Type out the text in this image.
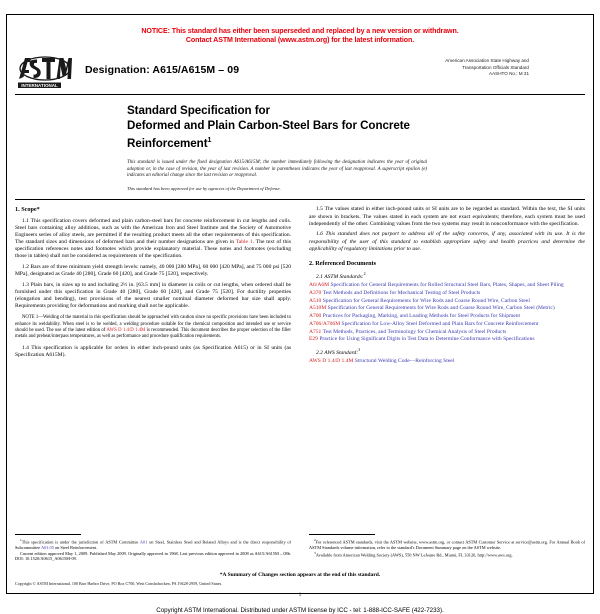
NOTICE: This standard has either been superseded and replaced by a new version or withdrawn.
Contact ASTM International (www.astm.org) for the latest information.
INTERNATIONAL
Designation: A615/A615M – 09
American Association State Highway and
Transportation Officials Standard
AASHTO No.: M 31
Standard Specification for
Deformed and Plain Carbon-Steel Bars for Concrete
Reinforcement$^1$
This standard is issued under the fixed designation A615/A615M; the number immediately following the designation indicates the year of original adoption or, in the case of revision, the year of last revision. A number in parentheses indicates the year of last reapproval. A superscript epsilon (e) indicates an editorial change since the last revision or reapproval.
This standard has been approved for use by agencies of the Department of Defense.
1. Scope*

1.1 This specification covers deformed and plain carbon-steel bars for concrete reinforcement in cut lengths and coils. Steel bars containing alloy additions, such as with the American Iron and Steel Institute and the Society of Automotive Engineers series of alloy steels, are permitted if the resulting product meets all the other requirements of this specification. The standard sizes and dimensions of deformed bars and their number designations are given in Table 1. The text of this specification references notes and footnotes which provide explanatory material. These notes and footnotes (excluding those in tables) shall not be considered as requirements of the specification.

1.2 Bars are of three minimum yield strength levels: namely, 40 000 [280 MPa], 60 000 [420 MPa], and 75 000 psi [520 MPa], designated as Grade 40 [280], Grade 60 [420], and Grade 75 [520], respectively.

1.3 Plain bars, in sizes up to and including 2½ in. [63.5 mm] in diameter in coils or cut lengths, when ordered shall be furnished under this specification in Grade 40 [280], Grade 60 [420], and Grade 75 [520]. For ductility properties (elongation and bending), test provisions of the nearest smaller nominal diameter deformed bar size shall apply. Requirements providing for deformations and marking shall not be applicable.

NOTE 1—Welding of the material in this specification should be approached with caution since no specific provisions have been included to enhance its weldability. When steel is to be welded, a welding procedure suitable for the chemical composition and intended use or service should be used. The use of the latest edition of AWS D 1.4/D 1.4M is recommended. This document describes the proper selection of the filler metals and preheat/interpass temperatures, as well as performance and procedure qualification requirements.

1.4 This specification is applicable for orders in either inch-pound units (as Specification A615) or in SI units (as Specification A615M).

1.5 The values stated in either inch-pound units or SI units are to be regarded as standard. Within the text, the SI units are shown in brackets. The values stated in each system are not exact equivalents; therefore, each system must be used independently of the other. Combining values from the two systems may result in nonconformance with the specification.

1.6 This standard does not purport to address all of the safety concerns, if any, associated with its use. It is the responsibility of the user of this standard to establish appropriate safety and health practices and determine the applicability of regulatory limitations prior to use.

2. Referenced Documents
2.1 ASTM Standards:$^2$
A6/A6M Specification for General Requirements for Rolled Structural Steel Bars, Plates, Shapes, and Sheet Piling
A370 Test Methods and Definitions for Mechanical Testing of Steel Products
A510 Specification for General Requirements for Wire Rods and Coarse Round Wire, Carbon Steel
A510M Specification for General Requirements for Wire Rods and Coarse Round Wire, Carbon Steel (Metric)
A700 Practices for Packaging, Marking, and Loading Methods for Steel Products for Shipment
A706/A706M Specification for Low-Alloy Steel Deformed and Plain Bars for Concrete Reinforcement
A751 Test Methods, Practices, and Terminology for Chemical Analysis of Steel Products
E29 Practice for Using Significant Digits in Test Data to Determine Conformance with Specifications
2.2 AWS Standard:$^3$
AWS D 1.4/D 1.4M Structural Welding Code—Reinforcing Steel

$^1$This specification is under the jurisdiction of ASTM Committee A01 on Steel, Stainless Steel and Related Alloys and is the direct responsibility of Subcommittee A01.05 on Steel Reinforcement.

Current edition approved May 1, 2009. Published May 2009. Originally approved in 1968. Last previous edition approved in 2008 as A615/A615M – 08b. DOI: 10.1520/A0615_A0615M-09.

$^2$For referenced ASTM standards, visit the ASTM website, www.astm.org, or contact ASTM Customer Service at service@astm.org. For Annual Book of ASTM Standards volume information, refer to the standard's Document Summary page on the ASTM website.

$^3$Available from American Welding Society (AWS), 550 NW LeJeune Rd., Miami, FL 33126, http://www.aws.org.

*A Summary of Changes section appears at the end of this standard.
Copyright © ASTM International, 100 Barr Harbor Drive, PO Box C700, West Conshohocken, PA 19428-2959, United States.
1
Copyright ASTM International. Distributed under ASTM license by ICC - tel: 1-888-ICC-SAFE (422-7233).
